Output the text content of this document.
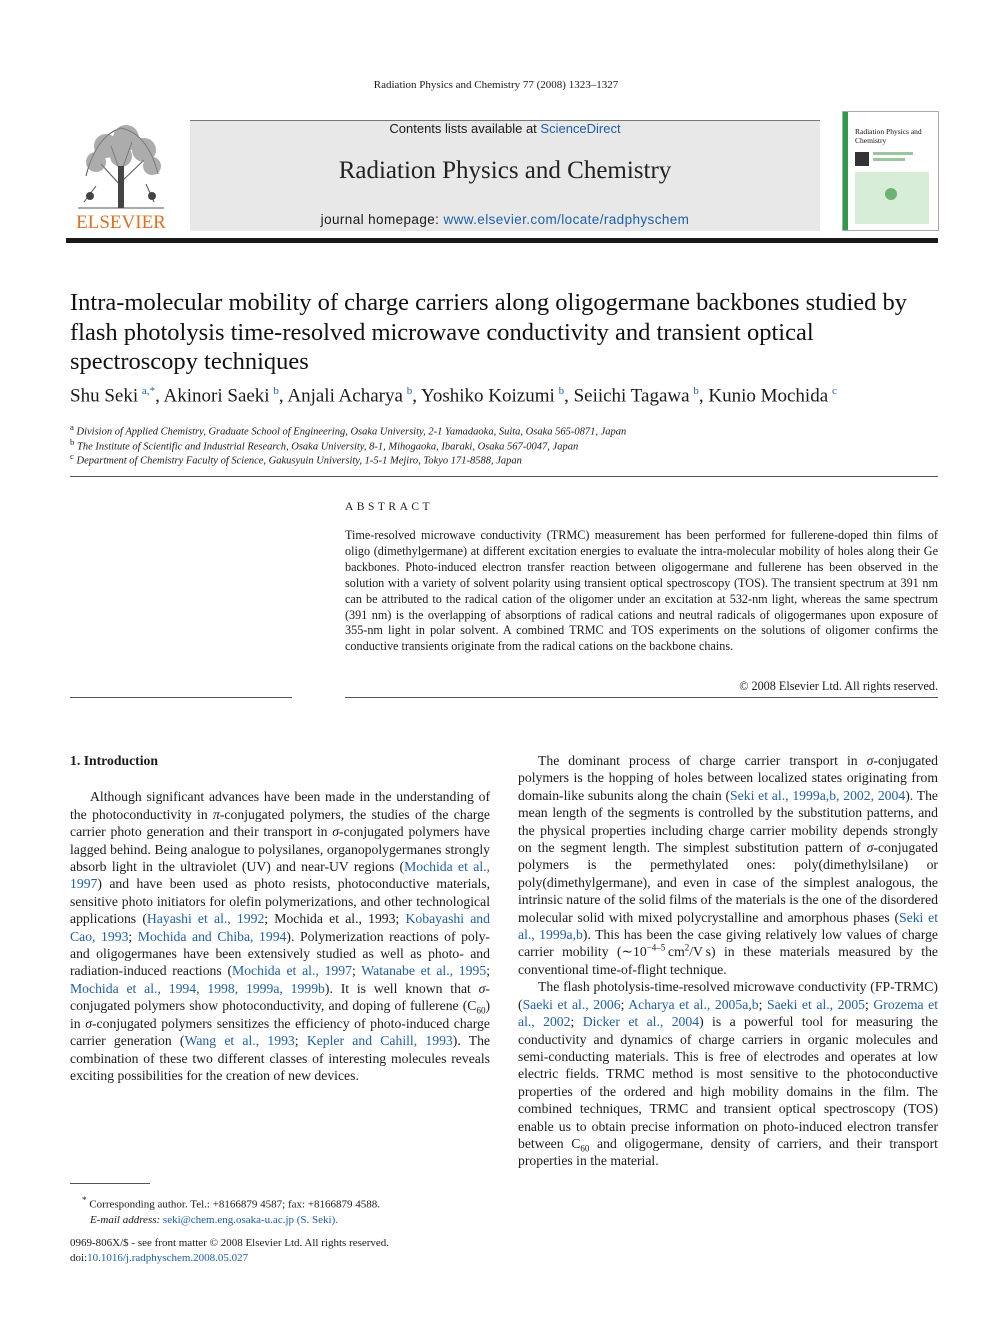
Radiation Physics and Chemistry 77 (2008) 1323–1327
ELSEVIER
Contents lists available at ScienceDirect
Radiation Physics and Chemistry
journal homepage: www.elsevier.com/locate/radphyschem
Radiation Physics and
Chemistry
Intra-molecular mobility of charge carriers along oligogermane backbones studied by flash photolysis time-resolved microwave conductivity and transient optical spectroscopy techniques
Shu Seki  $^{a,*}$, Akinori Saeki  $^b$, Anjali Acharya  $^b$, Yoshiko Koizumi  $^b$, Seiichi Tagawa  $^b$, Kunio Mochida  $^c$
$^a$ Division of Applied Chemistry, Graduate School of Engineering, Osaka University, 2-1 Yamadaoka, Suita, Osaka 565-0871, Japan
$^b$ The Institute of Scientific and Industrial Research, Osaka University, 8-1, Mihogaoka, Ibaraki, Osaka 567-0047, Japan
$^c$ Department of Chemistry Faculty of Science, Gakusyuin University, 1-5-1 Mejiro, Tokyo 171-8588, Japan
ABSTRACT
Time-resolved microwave conductivity (TRMC) measurement has been performed for fullerene-doped thin films of oligo (dimethylgermane) at different excitation energies to evaluate the intra-molecular mobility of holes along their Ge backbones. Photo-induced electron transfer reaction between oligogermane and fullerene has been observed in the solution with a variety of solvent polarity using transient optical spectroscopy (TOS). The transient spectrum at 391 nm can be attributed to the radical cation of the oligomer under an excitation at 532-nm light, whereas the same spectrum (391 nm) is the overlapping of absorptions of radical cations and neutral radicals of oligogermanes upon exposure of 355-nm light in polar solvent. A combined TRMC and TOS experiments on the solutions of oligomer confirms the conductive transients originate from the radical cations on the backbone chains.
© 2008 Elsevier Ltd. All rights reserved.
1. Introduction

Although significant advances have been made in the understanding of the photoconductivity in π-conjugated polymers, the studies of the charge carrier photo generation and their transport in σ-conjugated polymers have lagged behind. Being analogue to polysilanes, organopolygermanes strongly absorb light in the ultraviolet (UV) and near-UV regions (Mochida et al., 1997) and have been used as photo resists, photoconductive materials, sensitive photo initiators for olefin polymerizations, and other technological applications (Hayashi et al., 1992; Mochida et al., 1993; Kobayashi and Cao, 1993; Mochida and Chiba, 1994). Polymerization reactions of poly- and oligogermanes have been extensively studied as well as photo- and radiation-induced reactions (Mochida et al., 1997; Watanabe et al., 1995; Mochida et al., 1994, 1998, 1999a, 1999b). It is well known that σ-conjugated polymers show photoconductivity, and doping of fullerene $(C_{60})$ in σ-conjugated polymers sensitizes the efficiency of photo-induced charge carrier generation (Wang et al., 1993; Kepler and Cahill, 1993). The combination of these two different classes of interesting molecules reveals exciting possibilities for the creation of new devices.

The dominant process of charge carrier transport in σ-conjugated polymers is the hopping of holes between localized states originating from domain-like subunits along the chain (Seki et al., 1999a,b, 2002, 2004). The mean length of the segments is controlled by the substitution patterns, and the physical properties including charge carrier mobility depends strongly on the segment length. The simplest substitution pattern of σ-conjugated polymers is the permethylated ones: poly(dimethylsilane) or poly(dimethylgermane), and even in case of the simplest analogous, the intrinsic nature of the solid films of the materials is the one of the disordered molecular solid with mixed polycrystalline and amorphous phases (Seki et al., 1999a,b). This has been the case giving relatively low values of charge carrier mobility ($\sim 10^{-4-5}$ $cm^2/V$ s) in these materials measured by the conventional time-of-flight technique.

The flash photolysis-time-resolved microwave conductivity (FP-TRMC) (Saeki et al., 2006; Acharya et al., 2005a,b; Saeki et al., 2005; Grozema et al., 2002; Dicker et al., 2004) is a powerful tool for measuring the conductivity and dynamics of charge carriers in organic molecules and semi-conducting materials. This is free of electrodes and operates at low electric fields. TRMC method is most sensitive to the photoconductive properties of the ordered and high mobility domains in the film. The combined techniques, TRMC and transient optical spectroscopy (TOS) enable us to obtain precise information on photo-induced electron transfer between $C_{60}$ and oligogermane, density of carriers, and their transport properties in the material.

* Corresponding author. Tel.: +8166879 4587; fax: +8166879 4588.
E-mail address: seki@chem.eng.osaka-u.ac.jp (S. Seki).
0969-806X/$ - see front matter © 2008 Elsevier Ltd. All rights reserved.
doi:10.1016/j.radphyschem.2008.05.027
